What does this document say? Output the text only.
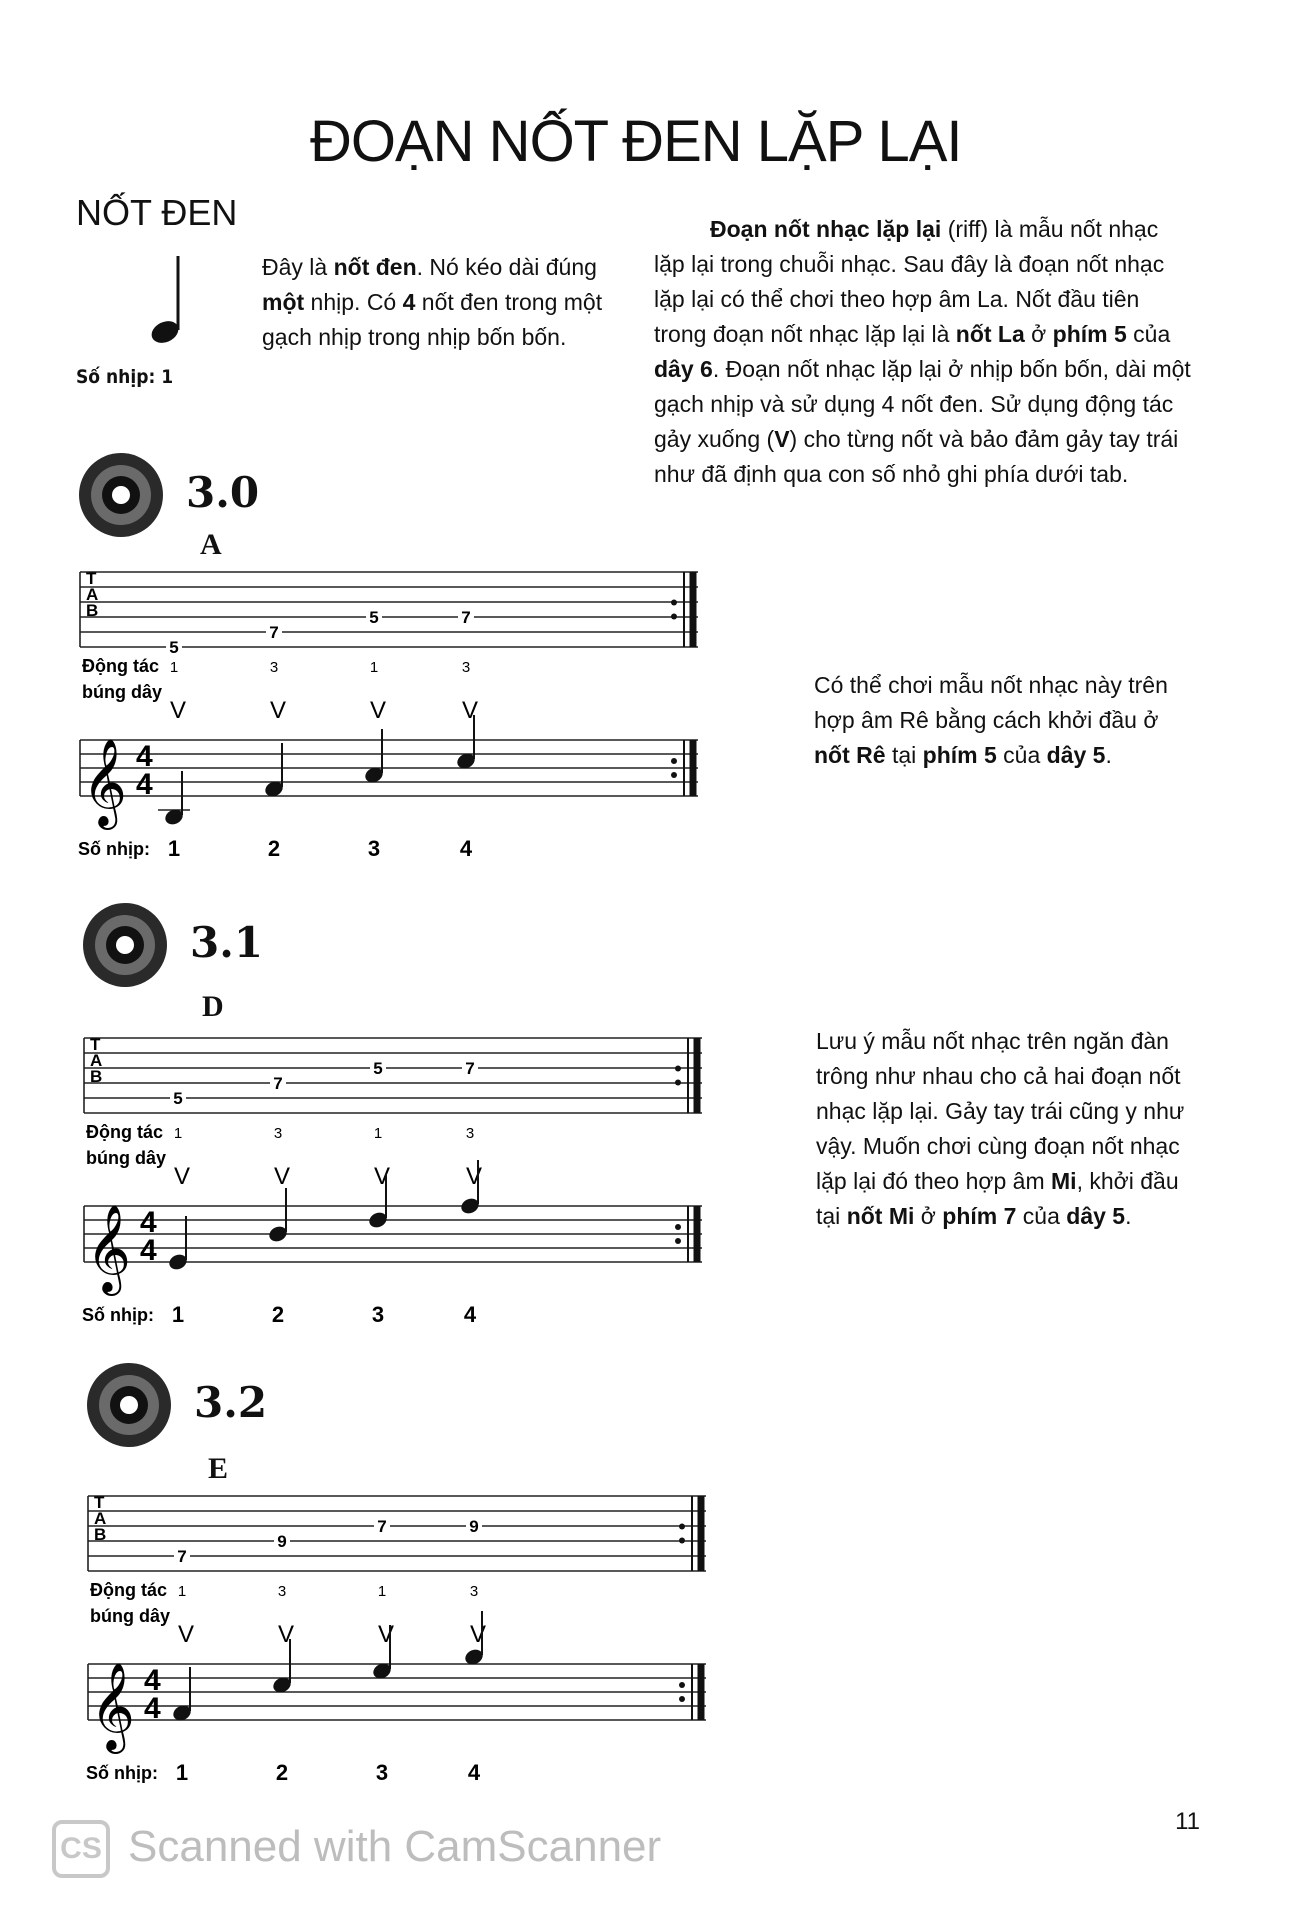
ĐOẠN NỐT ĐEN LẶP LẠI
NỐT ĐEN
Số nhịp: 1
Đây là nốt đen. Nó kéo dài đúng một nhịp. Có 4 nốt đen trong một gạch nhịp trong nhịp bốn bốn.
Đoạn nốt nhạc lặp lại (riff) là mẫu nốt nhạc lặp lại trong chuỗi nhạc. Sau đây là đoạn nốt nhạc lặp lại có thể chơi theo hợp âm La. Nốt đầu tiên trong đoạn nốt nhạc lặp lại là nốt La ở phím 5 của dây 6. Đoạn nốt nhạc lặp lại ở nhịp bốn bốn, dài một gạch nhịp và sử dụng 4 nốt đen. Sử dụng động tác gảy xuống (V) cho từng nốt và bảo đảm gảy tay trái như đã định qua con số nhỏ ghi phía dưới tab.
Có thể chơi mẫu nốt nhạc này trên hợp âm Rê bằng cách khởi đầu ở nốt Rê tại phím 5 của dây 5.
Lưu ý mẫu nốt nhạc trên ngăn đàn trông như nhau cho cả hai đoạn nốt nhạc lặp lại. Gảy tay trái cũng y như vậy. Muốn chơi cùng đoạn nốt nhạc lặp lại đó theo hợp âm Mi, khởi đầu tại nốt Mi ở phím 7 của dây 5.
3.0
A
T
A
B
5
7
5	7
Động tác
búng dây
1	3	1	3
V	V	V	V
𝄞 4
4
Số nhịp: 1	2	3	4
3.1
D
T
A
B
5
7
5	7
Động tác
búng dây
1	3	1	3
V	V	V	V
𝄞 4
4
Số nhịp: 1	2	3	4
3.2
E
T
A
B
7
9
7	9
Động tác
búng dây
1	3	1	3
V	V	V	V
𝄞 4
4
Số nhịp: 1	2	3	4
11
CS Scanned with CamScanner
